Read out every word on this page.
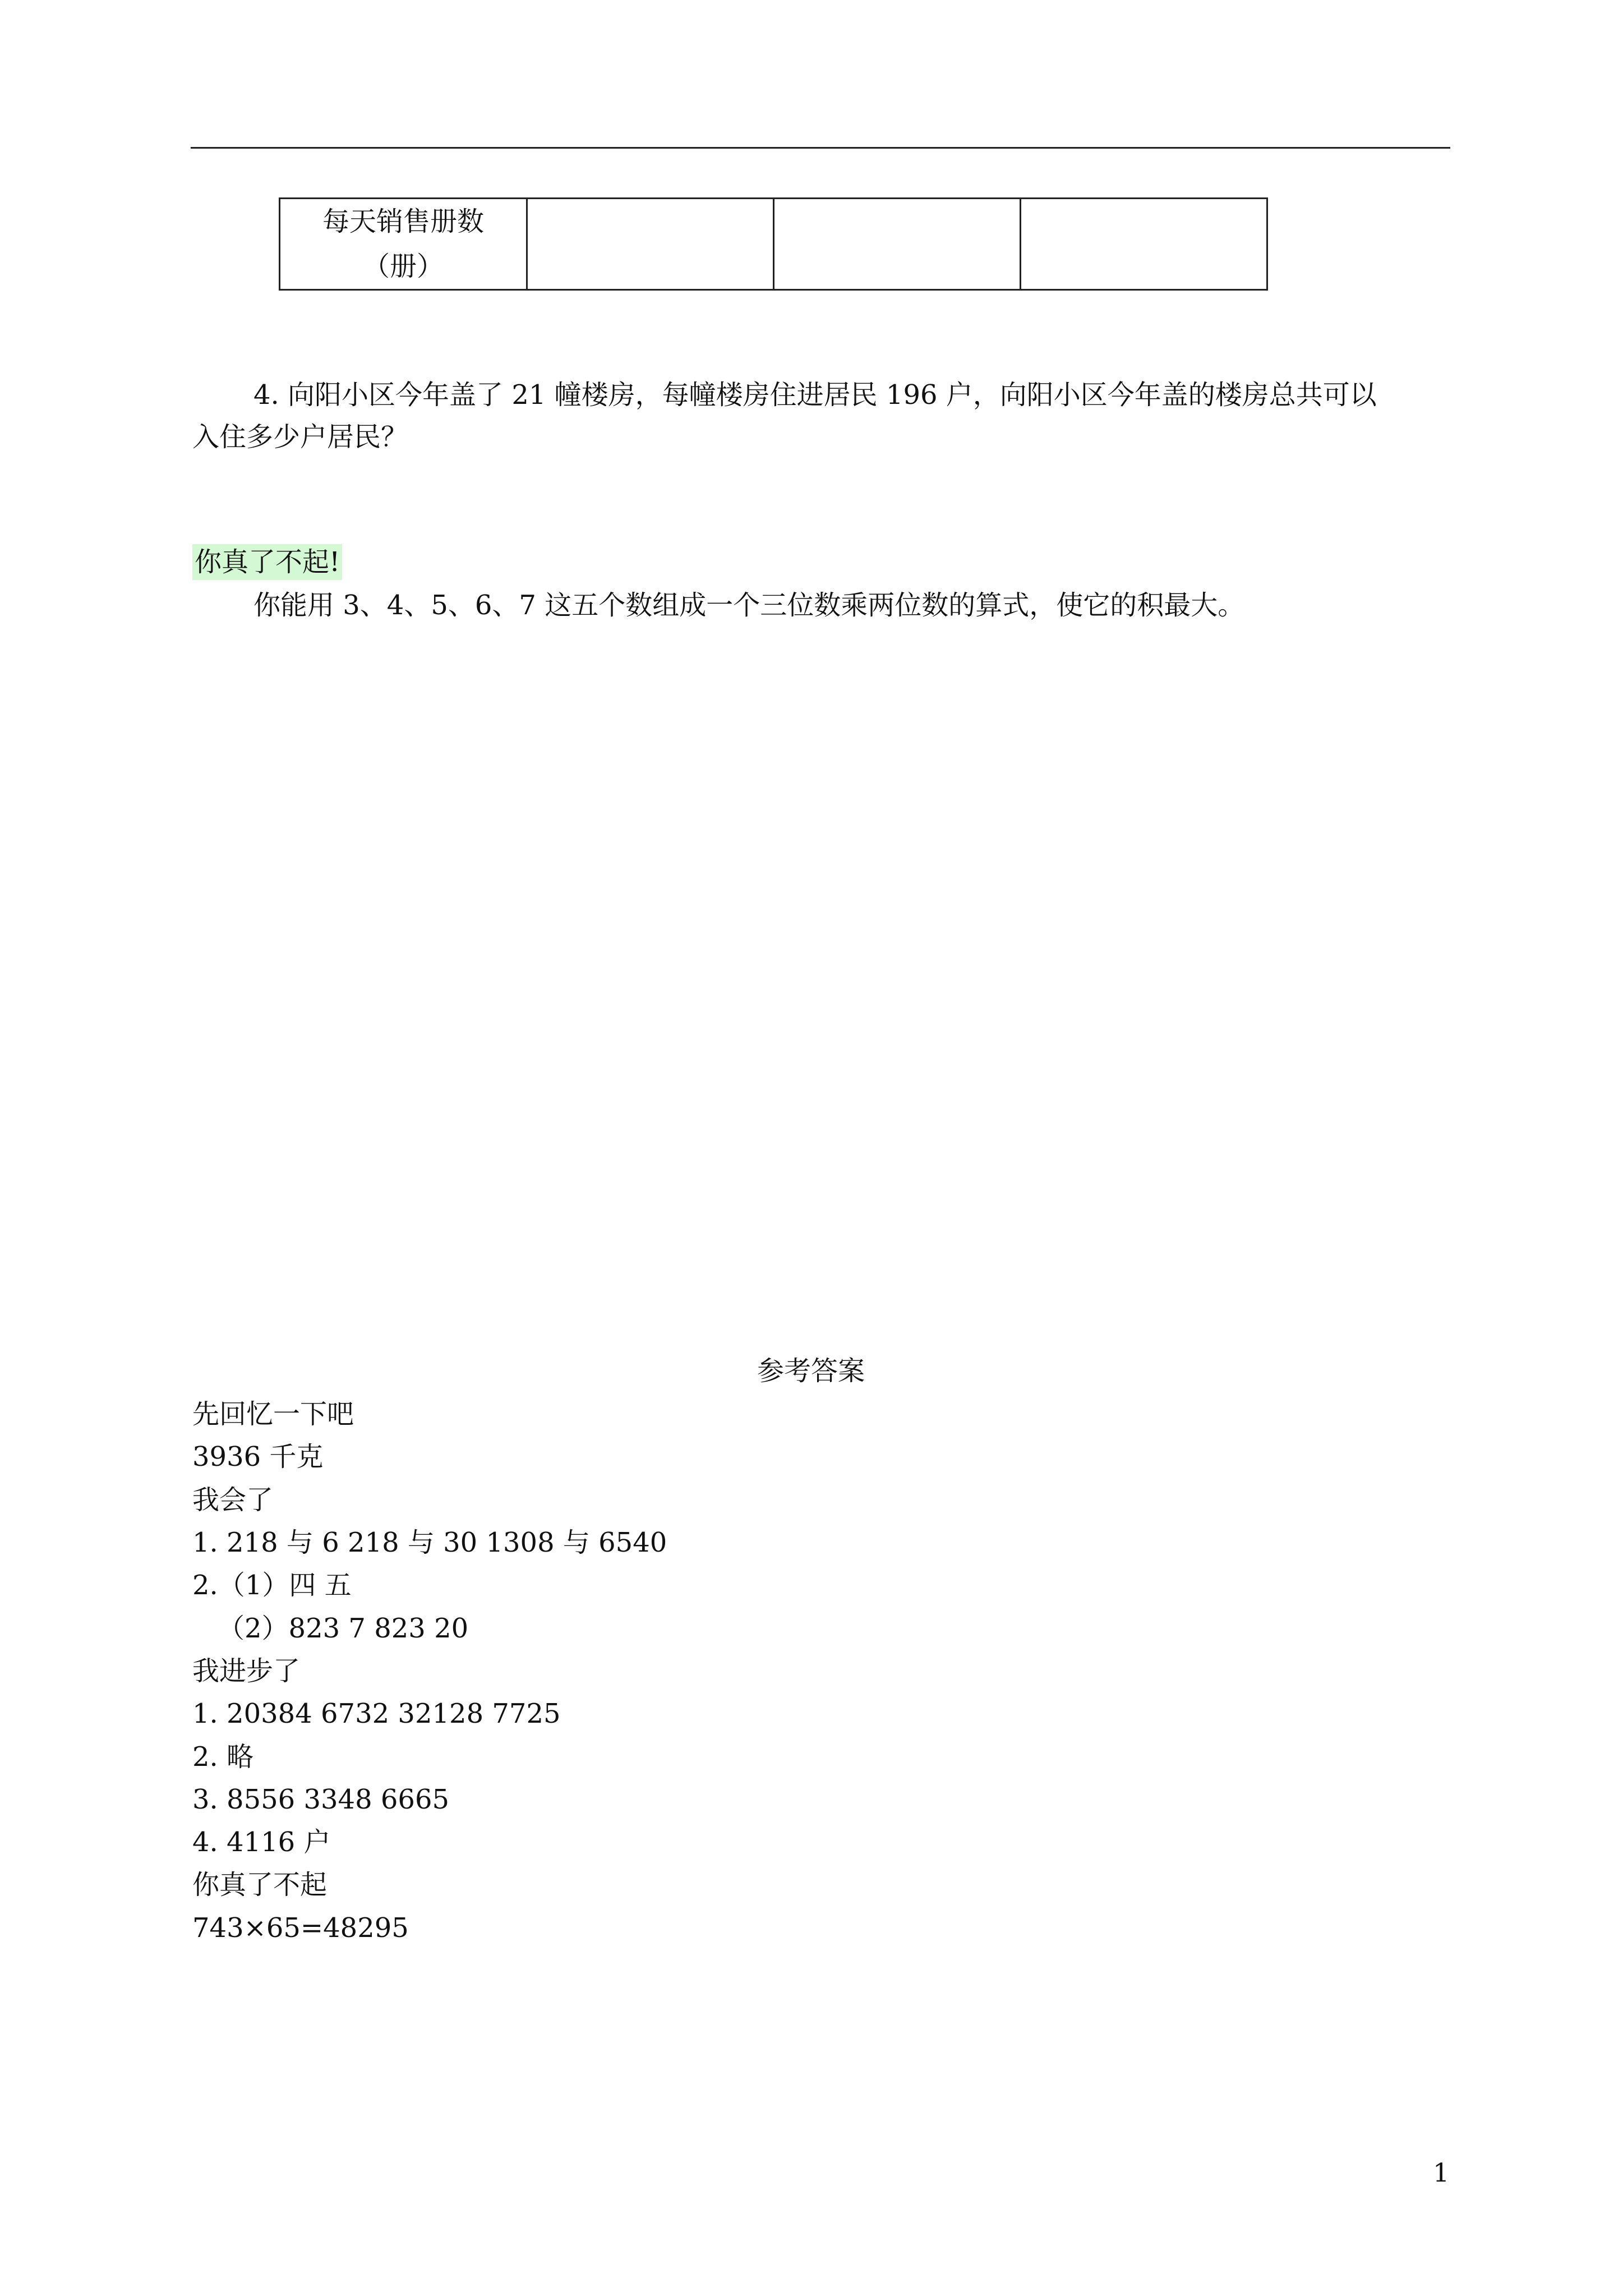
每天销售册数
（册）

4. 向阳小区今年盖了 21 幢楼房，每幢楼房住进居民 196 户，向阳小区今年盖的楼房总共可以
入住多少户居民？
你真了不起!
你能用 3、4、5、6、7 这五个数组成一个三位数乘两位数的算式，使它的积最大。
参考答案
先回忆一下吧
3936 千克
我会了
1. 218 与 6 218 与 30 1308 与 6540
2.（1）四 五
（2）823 7 823 20
我进步了
1. 20384 6732 32128 7725
2. 略
3. 8556 3348 6665
4. 4116 户
你真了不起
743×65=48295
1
